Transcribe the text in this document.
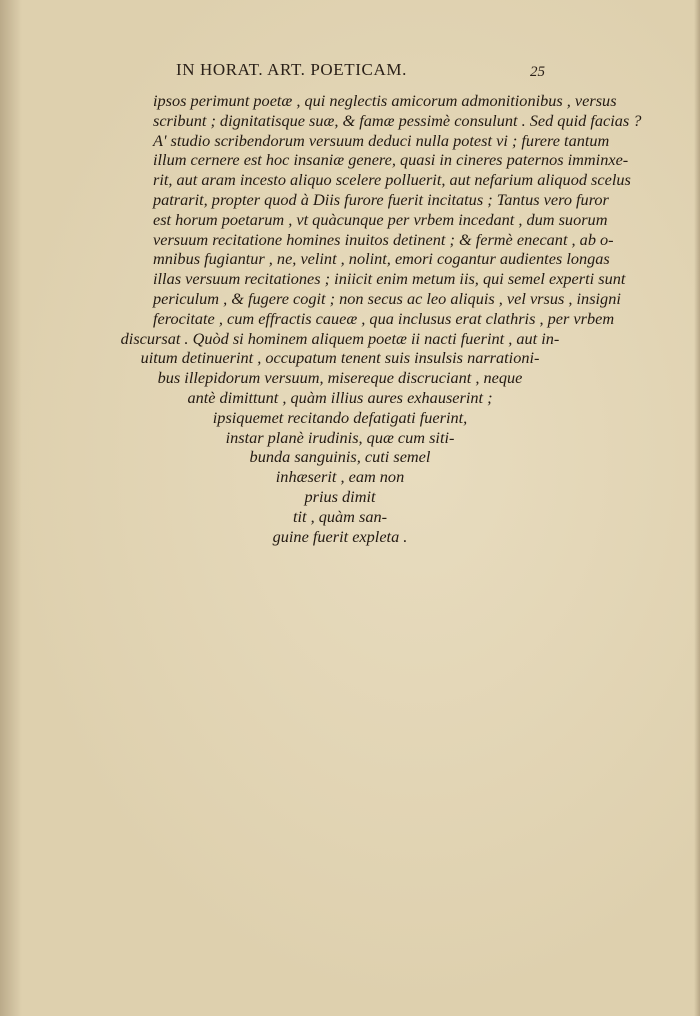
IN HORAT. ART. POETICAM.	25

ipsos perimunt poetæ , qui neglectis amicorum admonitionibus , versus
scribunt ; dignitatisque suæ, & famæ pessimè consulunt . Sed quid facias ?
A' studio scribendorum versuum deduci nulla potest vi ; furere tantum
illum cernere est hoc insaniæ genere, quasi in cineres paternos imminxe-
rit, aut aram incesto aliquo scelere polluerit, aut nefarium aliquod scelus
patrarit, propter quod à Diis furore fuerit incitatus ; Tantus vero furor
est horum poetarum , vt quàcunque per vrbem incedant , dum suorum
versuum recitatione homines inuitos detinent ; & fermè enecant , ab o-
mnibus fugiantur , ne, velint , nolint, emori cogantur audientes longas
illas versuum recitationes ; iniicit enim metum iis, qui semel experti sunt
periculum , & fugere cogit ; non secus ac leo aliquis , vel vrsus , insigni
ferocitate , cum effractis caueæ , qua inclusus erat clathris , per vrbem
discursat . Quòd si hominem aliquem poetæ ii nacti fuerint , aut in-
uitum detinuerint , occupatum tenent suis insulsis narrationi-
bus illepidorum versuum, misereque discruciant , neque
antè dimittunt , quàm illius aures exhauserint ;
ipsiquemet recitando defatigati fuerint,
instar planè irudinis, quæ cum siti-
bunda sanguinis, cuti semel
inhæserit , eam non
prius dimit
tit , quàm san-
guine fuerit expleta .
